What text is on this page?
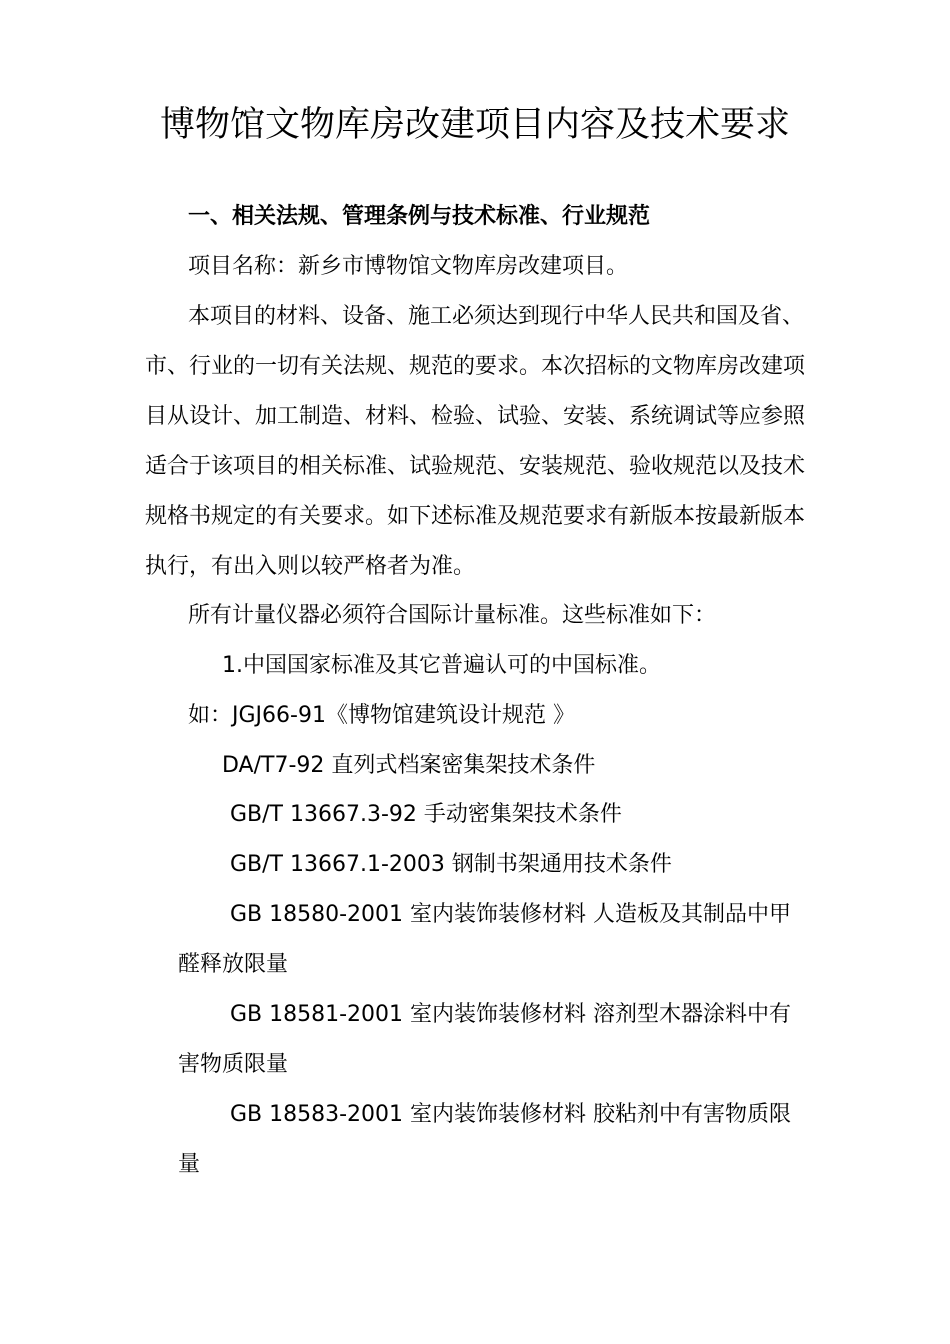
博物馆文物库房改建项目内容及技术要求
一、相关法规、管理条例与技术标准、行业规范
项目名称：新乡市博物馆文物库房改建项目。
本项目的材料、设备、施工必须达到现行中华人民共和国及省、
市、行业的一切有关法规、规范的要求。本次招标的文物库房改建项
目从设计、加工制造、材料、检验、试验、安装、系统调试等应参照
适合于该项目的相关标准、试验规范、安装规范、验收规范以及技术
规格书规定的有关要求。如下述标准及规范要求有新版本按最新版本
执行，有出入则以较严格者为准。
所有计量仪器必须符合国际计量标准。这些标准如下：
1.中国国家标准及其它普遍认可的中国标准。
如：JGJ66-91《博物馆建筑设计规范 》
DA/T7-92 直列式档案密集架技术条件
GB/T 13667.3-92 手动密集架技术条件
GB/T 13667.1-2003 钢制书架通用技术条件
GB 18580-2001 室内装饰装修材料 人造板及其制品中甲
醛释放限量
GB 18581-2001 室内装饰装修材料 溶剂型木器涂料中有
害物质限量
GB 18583-2001 室内装饰装修材料 胶粘剂中有害物质限
量
